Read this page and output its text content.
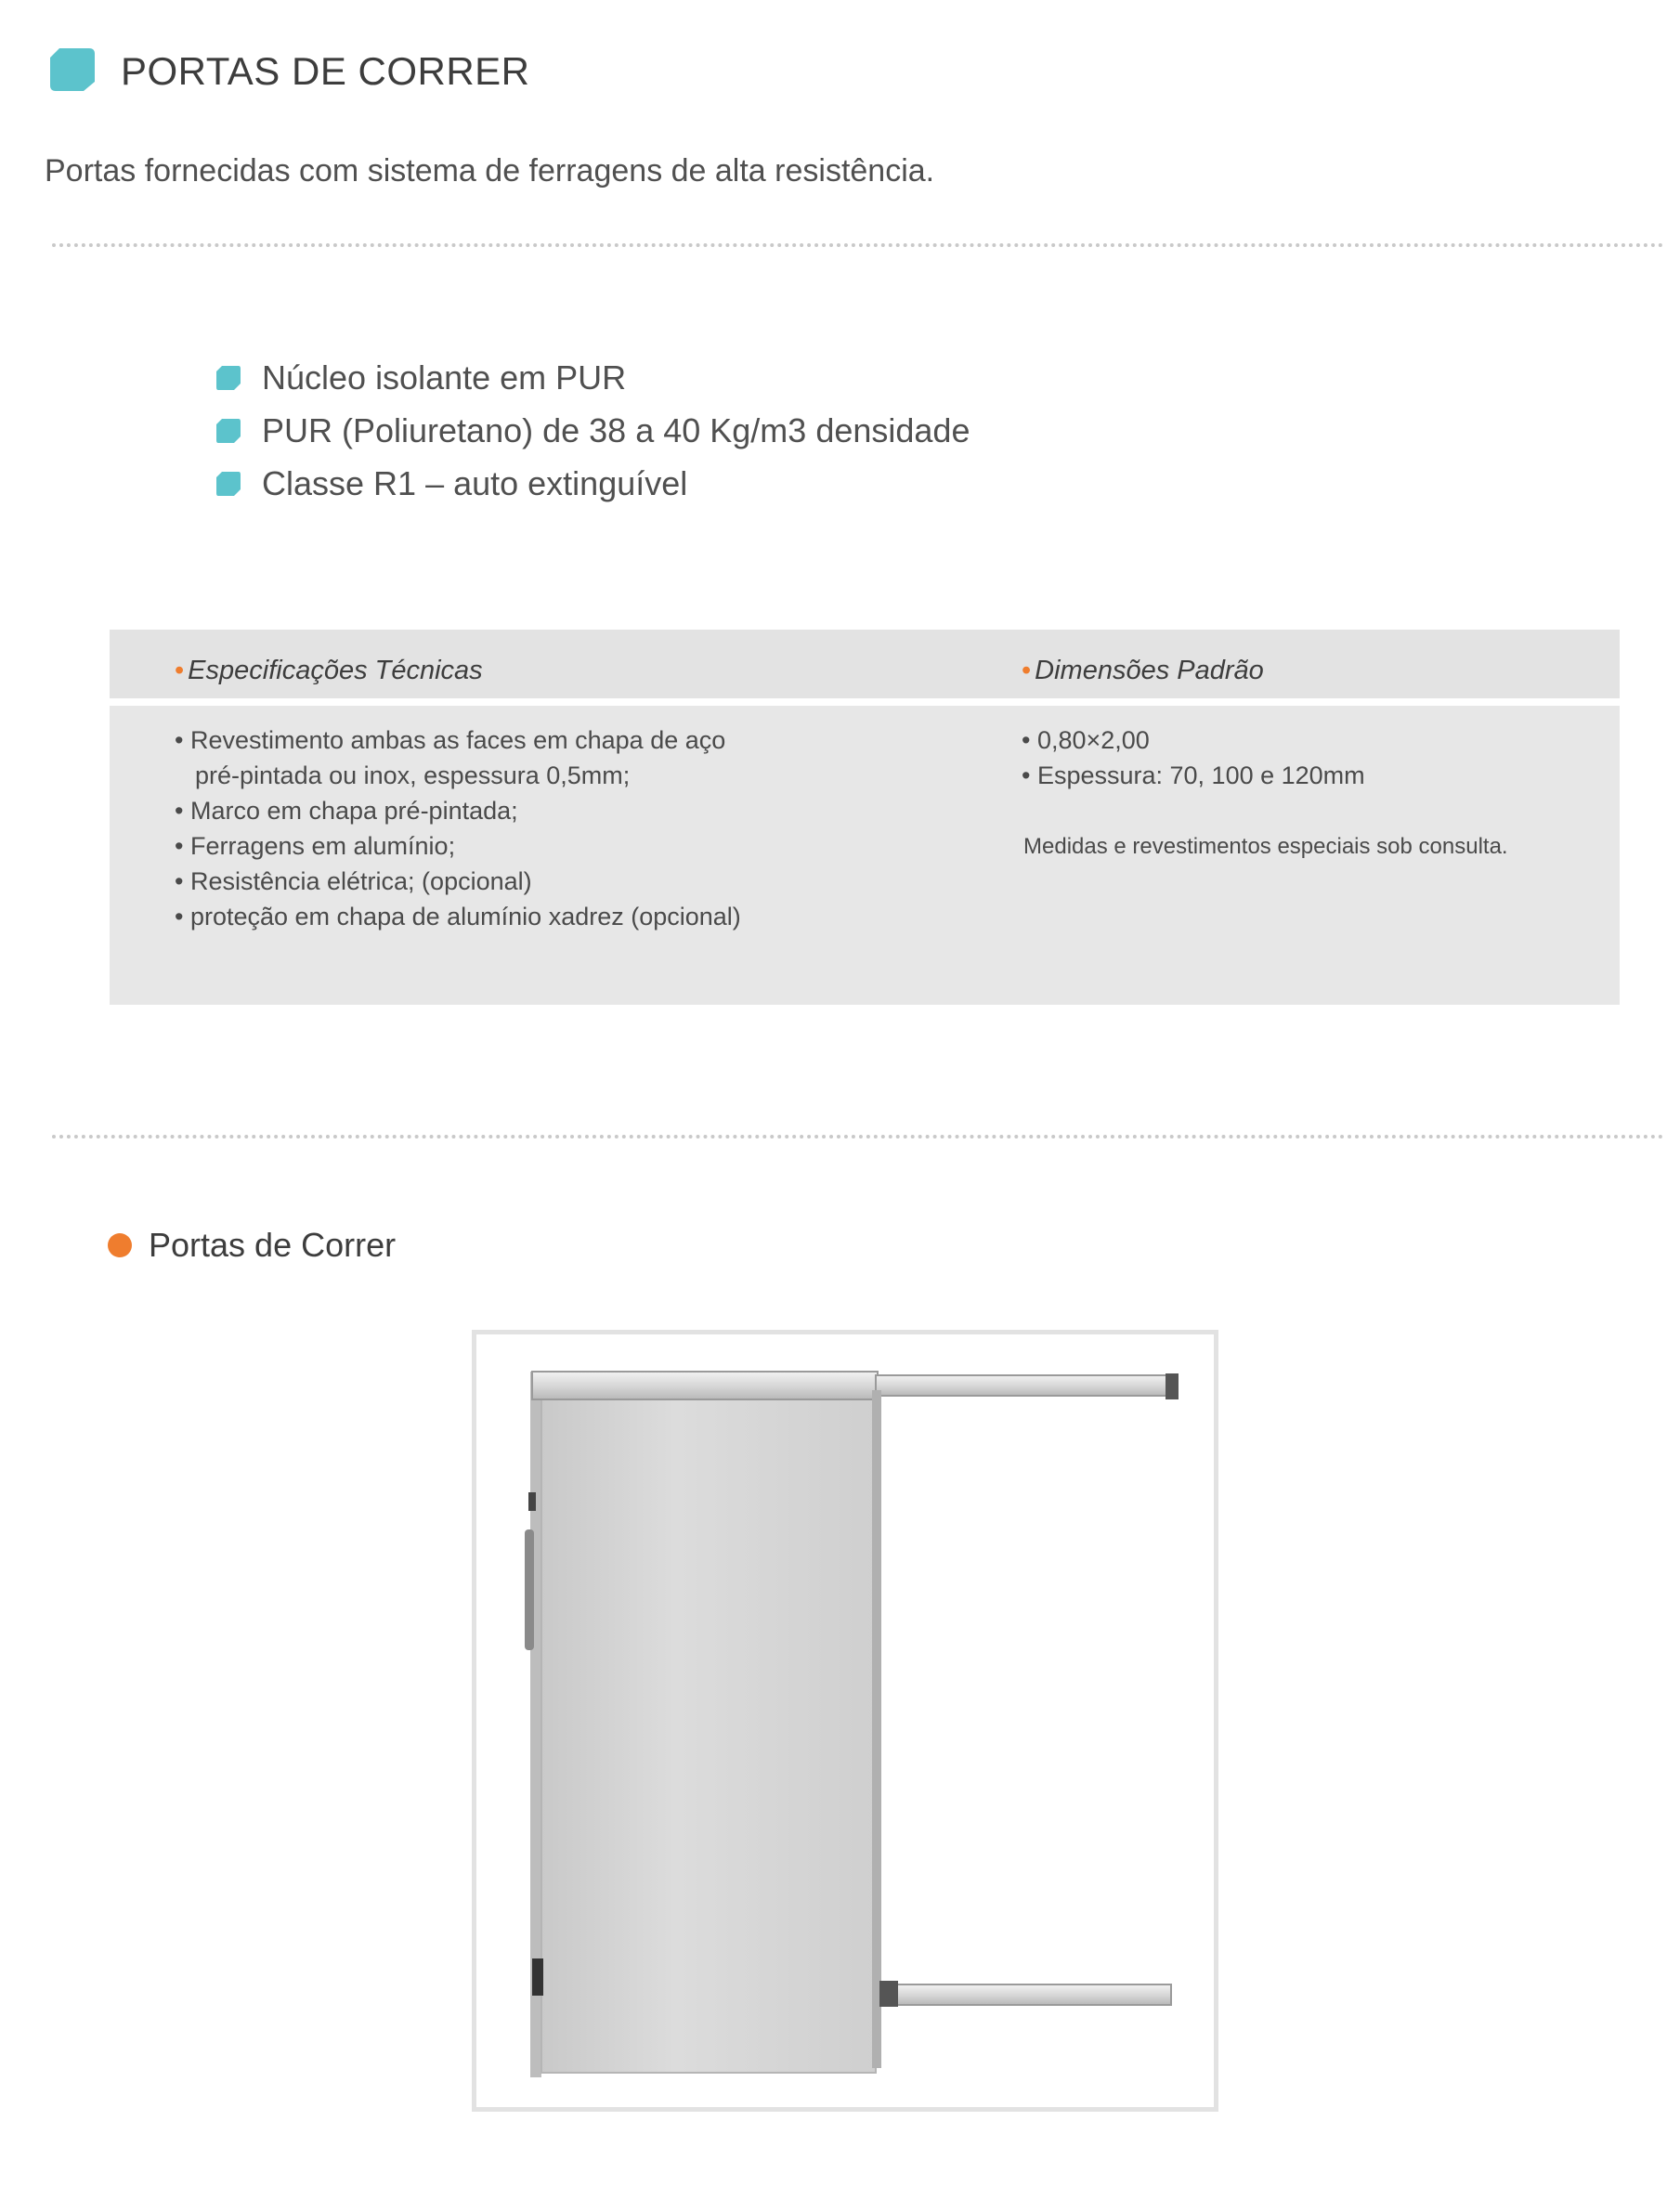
PORTAS DE CORRER
Portas fornecidas com sistema de ferragens de alta resistência.
Núcleo isolante em PUR
PUR (Poliuretano) de 38 a 40 Kg/m3 densidade
Classe R1 – auto extinguível
• Especificações Técnicas	• Dimensões Padrão
• Revestimento ambas as faces em chapa de aço
pré-pintada ou inox, espessura 0,5mm;
• Marco em chapa pré-pintada;
• Ferragens em alumínio;
• Resistência elétrica; (opcional)
• proteção em chapa de alumínio xadrez (opcional)
• 0,80×2,00
• Espessura: 70, 100 e 120mm
Medidas e revestimentos especiais sob consulta.
Portas de Correr
